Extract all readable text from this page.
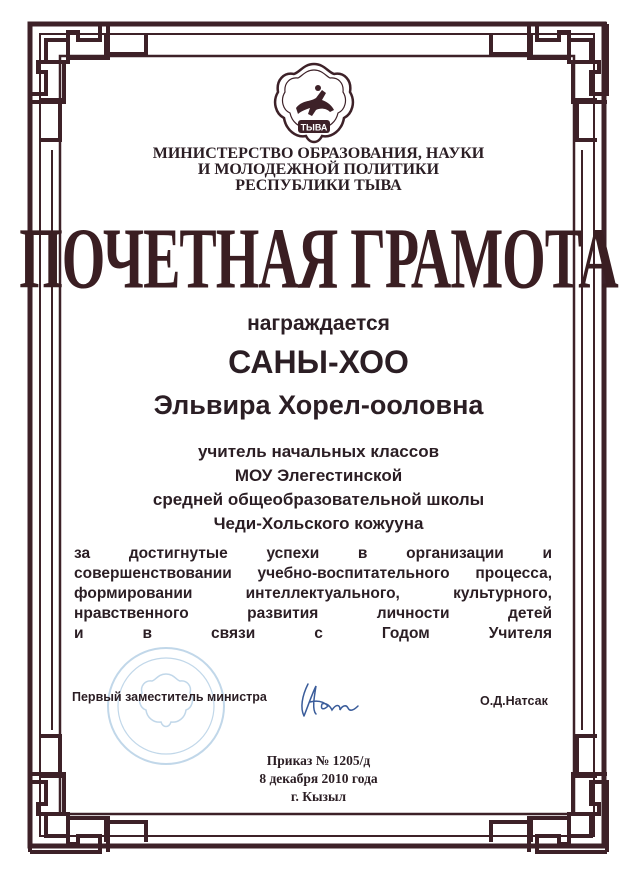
ТЫВА
МИНИСТЕРСТВО ОБРАЗОВАНИЯ, НАУКИ
И МОЛОДЕЖНОЙ ПОЛИТИКИ
РЕСПУБЛИКИ ТЫВА
ПОЧЕТНАЯ ГРАМОТА
награждается
САНЫ-ХОО
Эльвира Хорел-ооловна
учитель начальных классов
МОУ Элегестинской
средней общеобразовательной школы
Чеди-Хольского кожууна
за достигнутые успехи в организации и
совершенствовании учебно-воспитательного процесса,
формировании интеллектуального, культурного,
нравственного развития личности детей
и в связи с Годом Учителя
Первый заместитель министра	О.Д.Натсак
Приказ № 1205/д
8 декабря 2010 года
г. Кызыл
